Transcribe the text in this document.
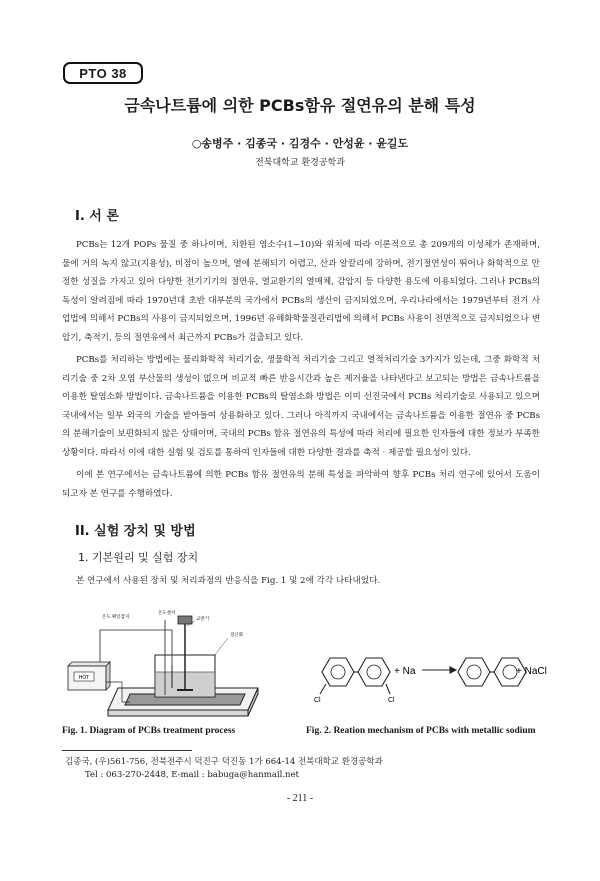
PTO 38
금속나트륨에 의한 PCBs함유 절연유의 분해 특성
○송병주 · 김종국 · 김경수 · 안성윤 · 윤길도
전북대학교 환경공학과
I. 서 론

PCBs는 12개 POPs 물질 중 하나이며, 치환된 염소수(1~10)와 위치에 따라 이론적으로 총 209개의 이성체가 존재하며, 물에 거의 녹지 않고(지용성), 비점이 높으며, 열에 분해되기 어렵고, 산과 알칼리에 강하며, 전기절연성이 뛰어나 화학적으로 안정한 성질을 가지고 있어 다양한 전기기기의 절연유, 열교환기의 열매체, 감압지 등 다양한 용도에 이용되었다. 그러나 PCBs의 독성이 알려짐에 따라 1970년대 초반 대부분의 국가에서 PCBs의 생산이 금지되었으며, 우리나라에서는 1979년부터 전기 사업법에 의해서 PCBs의 사용이 금지되었으며, 1996년 유해화학물질관리법에 의해서 PCBs 사용이 전면적으로 금지되었으나 변압기, 축적기, 등의 절연유에서 최근까지 PCBs가 검출되고 있다.

PCBs를 처리하는 방법에는 물리화학적 처리기술, 생물학적 처리기술 그리고 열적처리기술 3가지가 있는데, 그중 화학적 처리기술 중 2차 오염 부산물의 생성이 없으며 비교적 빠른 반응시간과 높은 제거율을 나타낸다고 보고되는 방법은 금속나트륨을 이용한 탈염소화 방법이다. 금속나트륨을 이용한 PCBs의 탈염소화 방법은 이미 선진국에서 PCBs 처리기술로 사용되고 있으며 국내에서는 일부 외국의 기술을 받아들여 상용화하고 있다. 그러나 아직까지 국내에서는 금속나트륨을 이용한 절연유 중 PCBs의 분해기술이 보편화되지 않은 상태이며, 국내의 PCBs 함유 절연유의 특성에 따라 처리에 필요한 인자들에 대한 정보가 부족한 상황이다. 따라서 이에 대한 실험 및 검토를 통하여 인자들에 대한 다양한 결과를 축적 · 제공할 필요성이 있다.

이에 본 연구에서는 금속나트륨에 의한 PCBs 함유 절연유의 분해 특성을 파악하여 향후 PCBs 처리 연구에 있어서 도움이 되고자 본 연구를 수행하였다.

II. 실험 장치 및 방법
1. 기본원리 및 실험 장치

본 연구에서 사용된 장치 및 처리과정의 반응식을 Fig. 1 및 2에 각각 나타내었다.

HOT
온도 확인감지
온도센서
교반기
질산화
Cl	Cl
+ Na	+ NaCl
Fig. 1. Diagram of PCBs treatment process	Fig. 2. Reation mechanism of PCBs with metallic sodium
김종국, (우)561-756, 전북전주시 덕진구 덕진동 1가 664-14 전북대학교 환경공학과
Tel : 063-270-2448, E-mail : babuga@hanmail.net
- 211 -
